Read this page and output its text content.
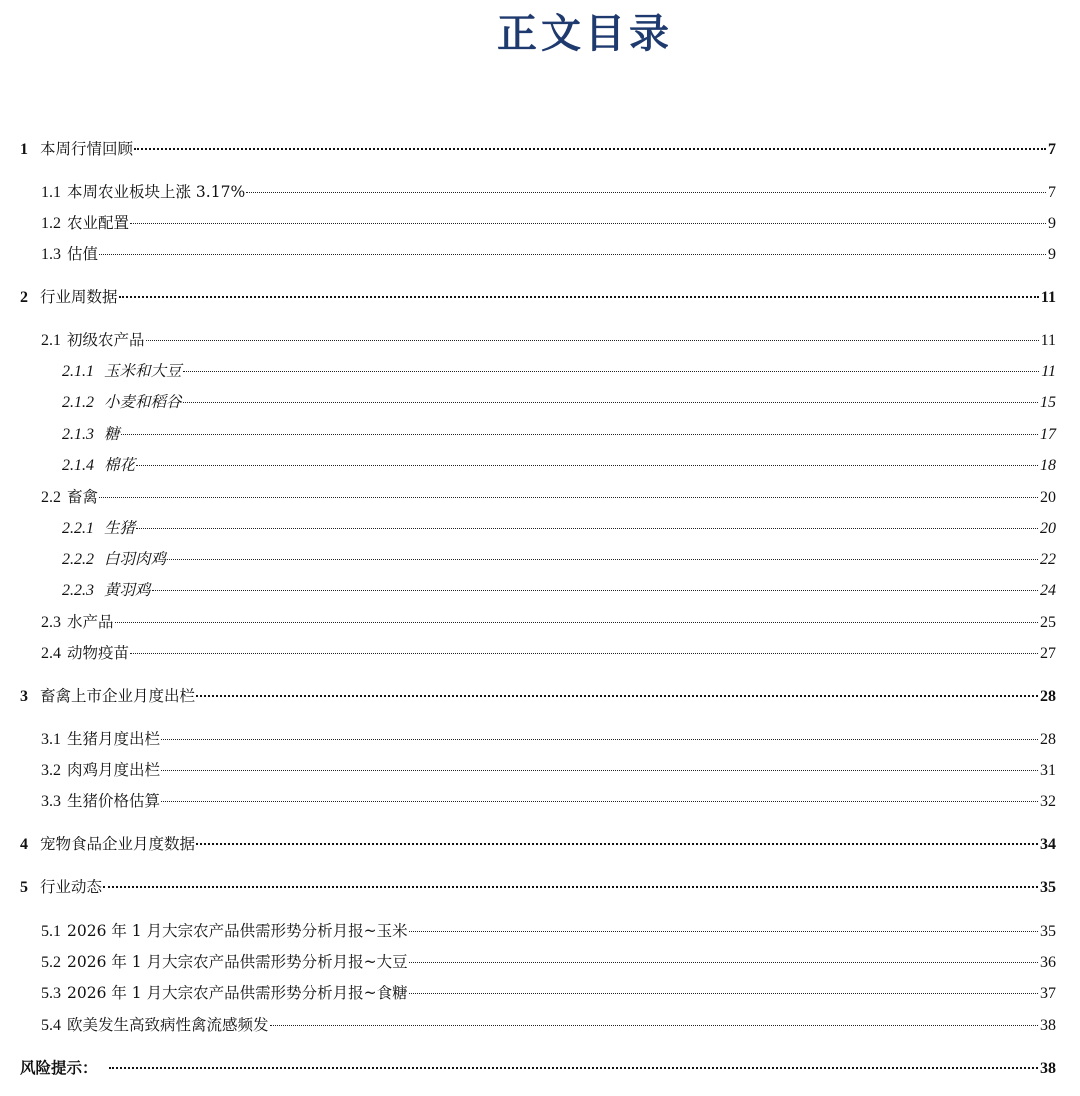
正文目录
1 本周行情回顾	7
1.1 本周农业板块上涨 3.17%	7
1.2 农业配置	9
1.3 估值	9
2 行业周数据	11
2.1 初级农产品	11
2.1.1 玉米和大豆	11
2.1.2 小麦和稻谷	15
2.1.3 糖	17
2.1.4 棉花	18
2.2 畜禽	20
2.2.1 生猪	20
2.2.2 白羽肉鸡	22
2.2.3 黄羽鸡	24
2.3 水产品	25
2.4 动物疫苗	27
3 畜禽上市企业月度出栏	28
3.1 生猪月度出栏	28
3.2 肉鸡月度出栏	31
3.3 生猪价格估算	32
4 宠物食品企业月度数据	34
5 行业动态	35
5.1 2026 年 1 月大宗农产品供需形势分析月报~玉米	35
5.2 2026 年 1 月大宗农产品供需形势分析月报~大豆	36
5.3 2026 年 1 月大宗农产品供需形势分析月报~食糖	37
5.4 欧美发生高致病性禽流感频发	38
风险提示：	38
